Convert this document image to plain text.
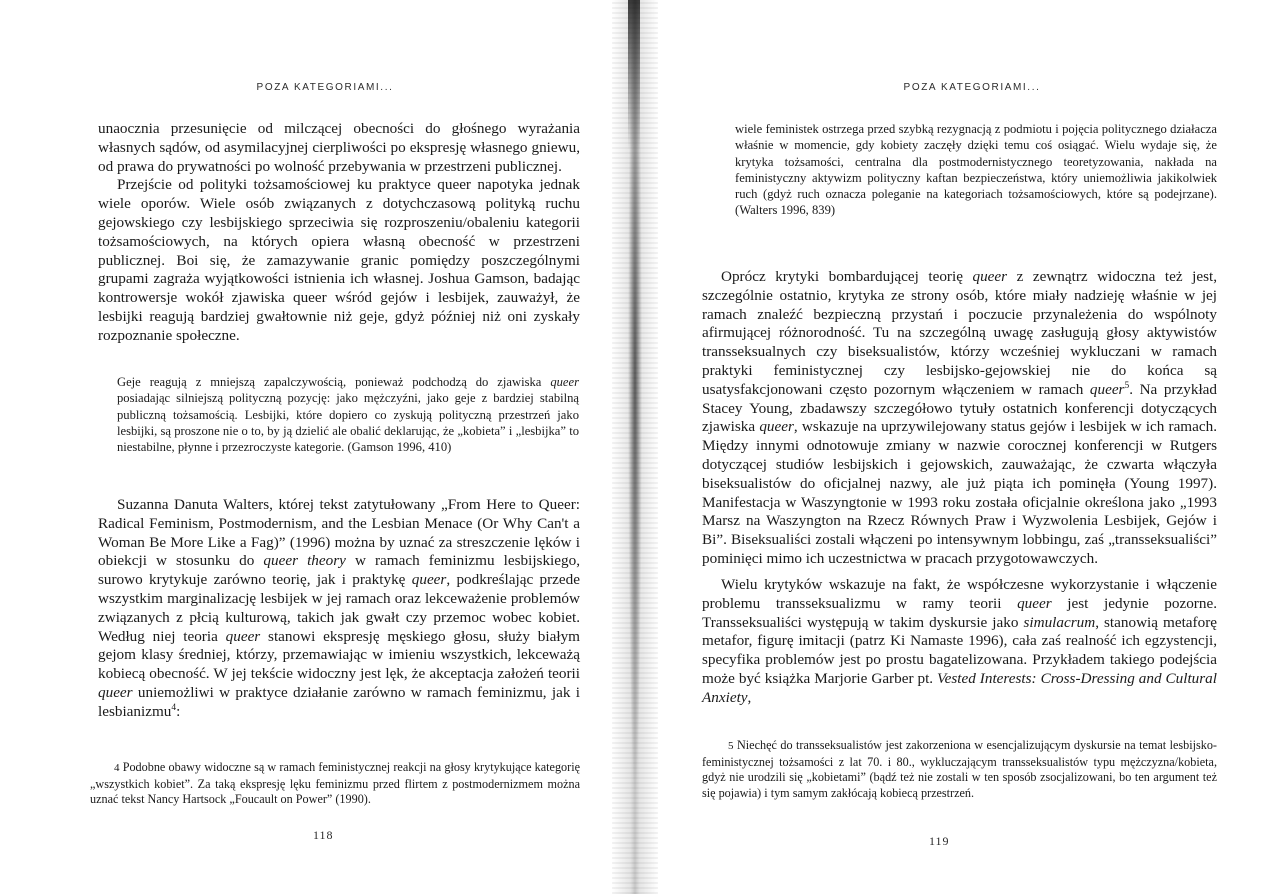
POZA KATEGORIAMI...

unaocznia przesunięcie od milczącej obecności do głośnego wyrażania własnych sądów, od asymilacyjnej cierpliwości po ekspresję własnego gniewu, od prawa do prywatności po wolność przebywania w przestrzeni publicznej.

Przejście od polityki tożsamościowej ku praktyce queer napotyka jednak wiele oporów. Wiele osób związanych z dotychczasową polityką ruchu gejowskiego czy lesbijskiego sprzeciwia się rozproszeniu/obaleniu kategorii tożsamościowych, na których opiera własną obecność w przestrzeni publicznej. Boi się, że zamazywanie granic pomiędzy poszczególnymi grupami zagraża wyjątkowości istnienia ich własnej. Joshua Gamson, badając kontrowersje wokół zjawiska queer wśród gejów i lesbijek, zauważył, że lesbijki reagują bardziej gwałtownie niż geje, gdyż później niż oni zyskały rozpoznanie społeczne.

Geje reagują z mniejszą zapalczywością, ponieważ podchodzą do zjawiska queer posiadając silniejszą polityczną pozycję: jako mężczyźni, jako geje z bardziej stabilną publiczną tożsamością. Lesbijki, które dopiero co zyskują polityczną przestrzeń jako lesbijki, są proszone nie o to, by ją dzielić ale obalić deklarując, że „kobieta” i „lesbijka” to niestabilne, płynne i przezroczyste kategorie. (Gamson 1996, 410)
Suzanna Danuta Walters, której tekst zatytułowany „From Here to Queer: Radical Feminism, Postmodernism, and the Lesbian Menace (Or Why Can't a Woman Be More Like a Fag)” (1996) można by uznać za streszczenie lęków i obiekcji w stosunku do queer theory w ramach feminizmu lesbijskiego, surowo krytykuje zarówno teorię, jak i praktykę queer, podkreślając przede wszystkim marginalizację lesbijek w jej ramach oraz lekceważenie problemów związanych z płcią kulturową, takich jak gwałt czy przemoc wobec kobiet. Według niej teoria queer stanowi ekspresję męskiego głosu, służy białym gejom klasy średniej, którzy, przemawiając w imieniu wszystkich, lekceważą kobiecą obecność. W jej tekście widoczny jest lęk, że akceptacja założeń teorii queer uniemożliwi w praktyce działanie zarówno w ramach feminizmu, jak i lesbianizmu$^4$:
4 Podobne obawy widoczne są w ramach feministycznej reakcji na głosy krytykujące kategorię „wszystkich kobiet”. Za taką ekspresję lęku feminizmu przed flirtem z postmodernizmem można uznać tekst Nancy Hartsock „Foucault on Power” (1990).
118
POZA KATEGORIAMI...
wiele feministek ostrzega przed szybką rezygnacją z podmiotu i pojęcia politycznego działacza właśnie w momencie, gdy kobiety zaczęły dzięki temu coś osiągać. Wielu wydaje się, że krytyka tożsamości, centralna dla postmodernistycznego teoretyzowania, nakłada na feministyczny aktywizm polityczny kaftan bezpieczeństwa, który uniemożliwia jakikolwiek ruch (gdyż ruch oznacza poleganie na kategoriach tożsamościowych, które są podejrzane). (Walters 1996, 839)
Oprócz krytyki bombardującej teorię queer z zewnątrz widoczna też jest, szczególnie ostatnio, krytyka ze strony osób, które miały nadzieję właśnie w jej ramach znaleźć bezpieczną przystań i poczucie przynależenia do wspólnoty afirmującej różnorodność. Tu na szczególną uwagę zasługują głosy aktywistów transseksualnych czy biseksualistów, którzy wcześniej wykluczani w ramach praktyki feministycznej czy lesbijsko-gejowskiej nie do końca są usatysfakcjonowani często pozornym włączeniem w ramach queer$^5$. Na przykład Stacey Young, zbadawszy szczegółowo tytuły ostatnich konferencji dotyczących zjawiska queer, wskazuje na uprzywilejowany status gejów i lesbijek w ich ramach. Między innymi odnotowuje zmiany w nazwie corocznej konferencji w Rutgers dotyczącej studiów lesbijskich i gejowskich, zauważając, że czwarta włączyła biseksualistów do oficjalnej nazwy, ale już piąta ich pominęła (Young 1997). Manifestacja w Waszyngtonie w 1993 roku została oficjalnie określona jako „1993 Marsz na Waszyngton na Rzecz Równych Praw i Wyzwolenia Lesbijek, Gejów i Bi”. Biseksualiści zostali włączeni po intensywnym lobbingu, zaś „transseksualiści” pominięci mimo ich uczestnictwa w pracach przygotowawczych.
Wielu krytyków wskazuje na fakt, że współczesne wykorzystanie i włączenie problemu transseksualizmu w ramy teorii queer jest jedynie pozorne. Transseksualiści występują w takim dyskursie jako simulacrum, stanowią metaforę metafor, figurę imitacji (patrz Ki Namaste 1996), cała zaś realność ich egzystencji, specyfika problemów jest po prostu bagatelizowana. Przykładem takiego podejścia może być książka Marjorie Garber pt. Vested Interests: Cross-Dressing and Cultural Anxiety,
5 Niechęć do transseksualistów jest zakorzeniona w esencjalizującym dyskursie na temat lesbijsko-feministycznej tożsamości z lat 70. i 80., wykluczającym transseksualistów typu mężczyzna/kobieta, gdyż nie urodzili się „kobietami” (bądź też nie zostali w ten sposób zsocjalizowani, bo ten argument też się pojawia) i tym samym zakłócają kobiecą przestrzeń.
119
